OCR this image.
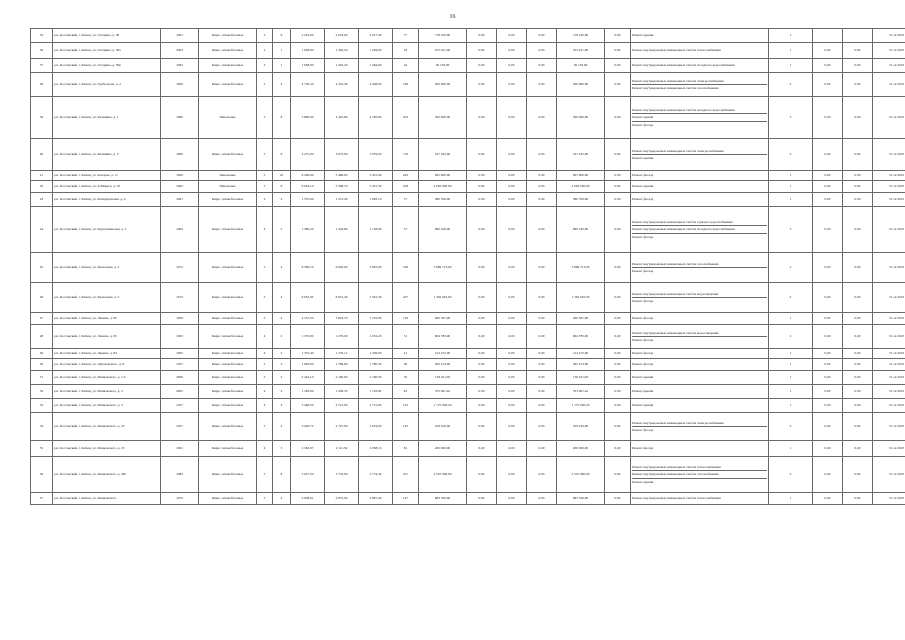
16
35	р.п. Костанский, г. Китеж, ул. Гагарина, д. 38	1961	Кирп./ шлакоблочные	3	6	2 219,00	2 018,00	2 017,40	77	718 100,00	0,00	0,00	0,00	718 100,00	0,00	Ремонт крыши	1			31.12.2023
36	р.п. Костанский, г. Китеж, ул. Гагарина, д. 39а	2003	Кирп./ шлакоблочные	2	1	1 638,90	1 262,20	1 264,00	18	105 451,00	0,00	0,00	0,00	105 451,00	0,00	Ремонт внутридомовых инженерных систем теплоснабжения	1	0,00	0,00	31.12.2023
37	р.п. Костанский, г. Китеж, ул. Гагарина, д. 39в	1993	Кирп./ шлакоблочные	2	1	1 638,90	1 262,20	1 264,00	42	36 150,00	0,00	0,00	0,00	36 150,00	0,00	Ремонт внутридомовых инженерных систем холодного водоснабжения	1	0,00	0,00	31.12.2023
38	р.п. Костанский, г. Китеж, ул. Грибоедова, д. 2	1966	Кирп./ шлакоблочные	2	4	4 730,50	4 455,40	4 298,00	196	200 000,00	0,00	0,00	0,00	200 000,00	0,00	Ремонт внутридомовых инженерных систем электроснабжения
Ремонт внутридомовых инженерных систем газоснабжения	2	0,00	0,00	31.12.2023
39	р.п. Костанский, г. Китеж, ул. Калинина, д. 1	1980	Панельные	5	8	5 800,90	4 425,80	4 185,60	223	500 000,00	0,00	0,00	0,00	500 000,00	0,00	Ремонт внутридомовых инженерных систем холодного водоснабжения
Ремонт крыши
Ремонт фасада	3	0,00	0,00	31.12.2023
40	р.п. Костанский, г. Китеж, ул. Калинина, д. 5	1966	Кирп./ шлакоблочные	5	6	4 275,00	3 975,00	3 979,00	176	167 432,00	0,00	0,00	0,00	167 432,00	0,00	Ремонт внутридомовых инженерных систем электроснабжения
Ремонт крыши	2	0,00	0,00	31.12.2023
41	р.п. Костанский, г. Китеж, ул. Кладова, д. 11	1999	Панельные	5	10	6 296,00	5 486,00	5 431,90	243	825 900,00	0,00	0,00	0,00	825 900,00	0,00	Ремонт фасада	1	0,00	0,00	31.12.2023
42	р.п. Костанский, г. Китеж, ул. К.Маркса, д. 18	1962	Панельные	5	6	6 064,10	5 568,70	5 431,30	258	4 062 000,00	0,00	0,00	0,00	4 062 000,00	0,00	Ремонт крыши	1	0,00	0,00	31.12.2023
43	р.п. Костанский, г. Китеж, ул. Коммунальная, д. 4	1961	Кирп./ шлакоблочные	2	2	1 570,00	1 272,40	1 065,10	57	380 700,00	0,00	0,00	0,00	380 700,00	0,00	Ремонт фасада	1	0,00	0,00	31.12.2023
44	р.п. Костанский, г. Китеж, ул. Крупоткинская, д. 3	1964	Кирп./ шлакоблочные	4	2	1 580,20	1 204,80	1 158,00	57	990 226,00	0,00	0,00	0,00	990 226,00	0,00	Ремонт внутридомовых инженерных систем горячего водоснабжения
Ремонт внутридомовых инженерных систем холодного водоснабжения
Ремонт фасада	3	0,00	0,00	31.12.2023
45	р.п. Костанский, г. Китеж, ул. Кузнецова, д. 2	1972	Кирп./ шлакоблочные	5	4	6 560,10	6 020,00	5 825,00	196	3 869 713,00	0,00	0,00	0,00	3 869 713,00	0,00	Ремонт внутридомовых инженерных систем газоснабжения
Ремонт фасада	2	0,00	0,00	31.12.2023
46	р.п. Костанский, г. Китеж, ул. Кузнецова, д. 5	1974	Кирп./ шлакоблочные	5	4	6 052,92	6 031,40	5 561,30	227	1 362 645,00	0,00	0,00	0,00	1 362 645,00	0,00	Ремонт внутридомовых инженерных систем водоотведения
Ремонт фасада	2	0,00	0,00	31.12.2023
47	р.п. Костанский, г. Китеж, ул. Ленина, д. 82	1969	Кирп./ шлакоблочные	5	4	4 237,50	3 824,70	3 722,90	119	400 361,00	0,00	0,00	0,00	400 361,00	0,00	Ремонт фасада	1	0,00	0,00	31.12.2023
48	р.п. Костанский, г. Китеж, ул. Ленина, д. 83	1963	Кирп./ шлакоблочные	4	2	1 370,00	1 276,00	1 052,20	51	904 783,00	0,00	0,00	0,00	904 783,00	0,00	Ремонт внутридомовых инженерных систем водоотведения
Ремонт фасада	2	0,00	0,00	31.12.2023
49	р.п. Костанский, г. Китеж, ул. Ленина, д. 84	1962	Кирп./ шлакоблочные	4	2	1 375,40	1 279,12	1 206,00	41	214 472,00	0,00	0,00	0,00	214 472,00	0,00	Ремонт фасада	1	0,00	0,00	31.12.2023
50	р.п. Костанский, г. Китеж, ул. Луначарского, д. 8	1957	Кирп./ шлакоблочные	2	2	1 993,60	1 789,60	1 780,30	46	362 474,00	0,00	0,00	0,00	362 474,00	0,00	Ремонт фасада	1	0,00	0,00	31.12.2023
51	р.п. Костанский, г. Китеж, ул. Маяковского, д. 1-б	2006	Кирп./ шлакоблочные	5	2	2 424,10	2 160,00	2 160,00	35	159 911,00	0,00	0,00	0,00	159 911,00	0,00	Ремонт крыши	1	0,00	0,00	31.12.2023
52	р.п. Костанский, г. Китеж, ул. Маяковского, д. 2	2005	Кирп./ шлакоблочные	4	2	1 363,60	1 209,35	1 118,00	61	703 001,42	0,00	0,00	0,00	703 001,42	0,00	Ремонт крыши	1	0,00	0,00	31.12.2023
53	р.п. Костанский, г. Китеж, ул. Маяковского, д. 3	1957	Кирп./ шлакоблочные	4	4	3 448,50	2 721,00	2 731,00	143	1 175 000,20	0,00	0,00	0,00	1 175 000,20	0,00	Ремонт крыши	1	0,00	0,00	31.12.2023
54	р.п. Костанский, г. Китеж, ул. Маяковского, д. 23	1957	Кирп./ шлакоблочные	5	4	3 420,72	2 727,00	2 654,00	145	109 910,00	0,00	0,00	0,00	109 910,00	0,00	Ремонт внутридомовых инженерных систем электроснабжения
Ремонт фасада	2	0,00	0,00	31.12.2023
55	р.п. Костанский, г. Китеж, ул. Маяковского, д. 25	1961	Кирп./ шлакоблочные	4	3	2 363,97	2 111,50	2 058,10	81	200 000,00	0,00	0,00	0,00	200 000,00	0,00	Ремонт фасада	1	0,00	0,00	31.12.2023
56	р.п. Костанский, г. Китеж, ул. Маяковского, д. 28а	1984	Кирп./ шлакоблочные	5	8	5 057,50	3 752,90	3 774,40	231	2 510 900,00	0,00	0,00	0,00	2 510 900,00	0,00	Ремонт внутридомовых инженерных систем теплоснабжения
Ремонт внутридомовых инженерных систем газоснабжения
Ремонт крыши	2	0,00	0,00	31.12.2023
57	р.п. Костанский, г. Китеж, ул. Маяковского,	1979	Кирп./ шлакоблочные	5	4	2 938,61	2 872,94	2 867,40	147	683 766,00	0,00	0,00	0,00	683 766,00	0,00	Ремонт внутридомовых инженерных систем теплоснабжения	1	0,00	0,00	31.12.2023
